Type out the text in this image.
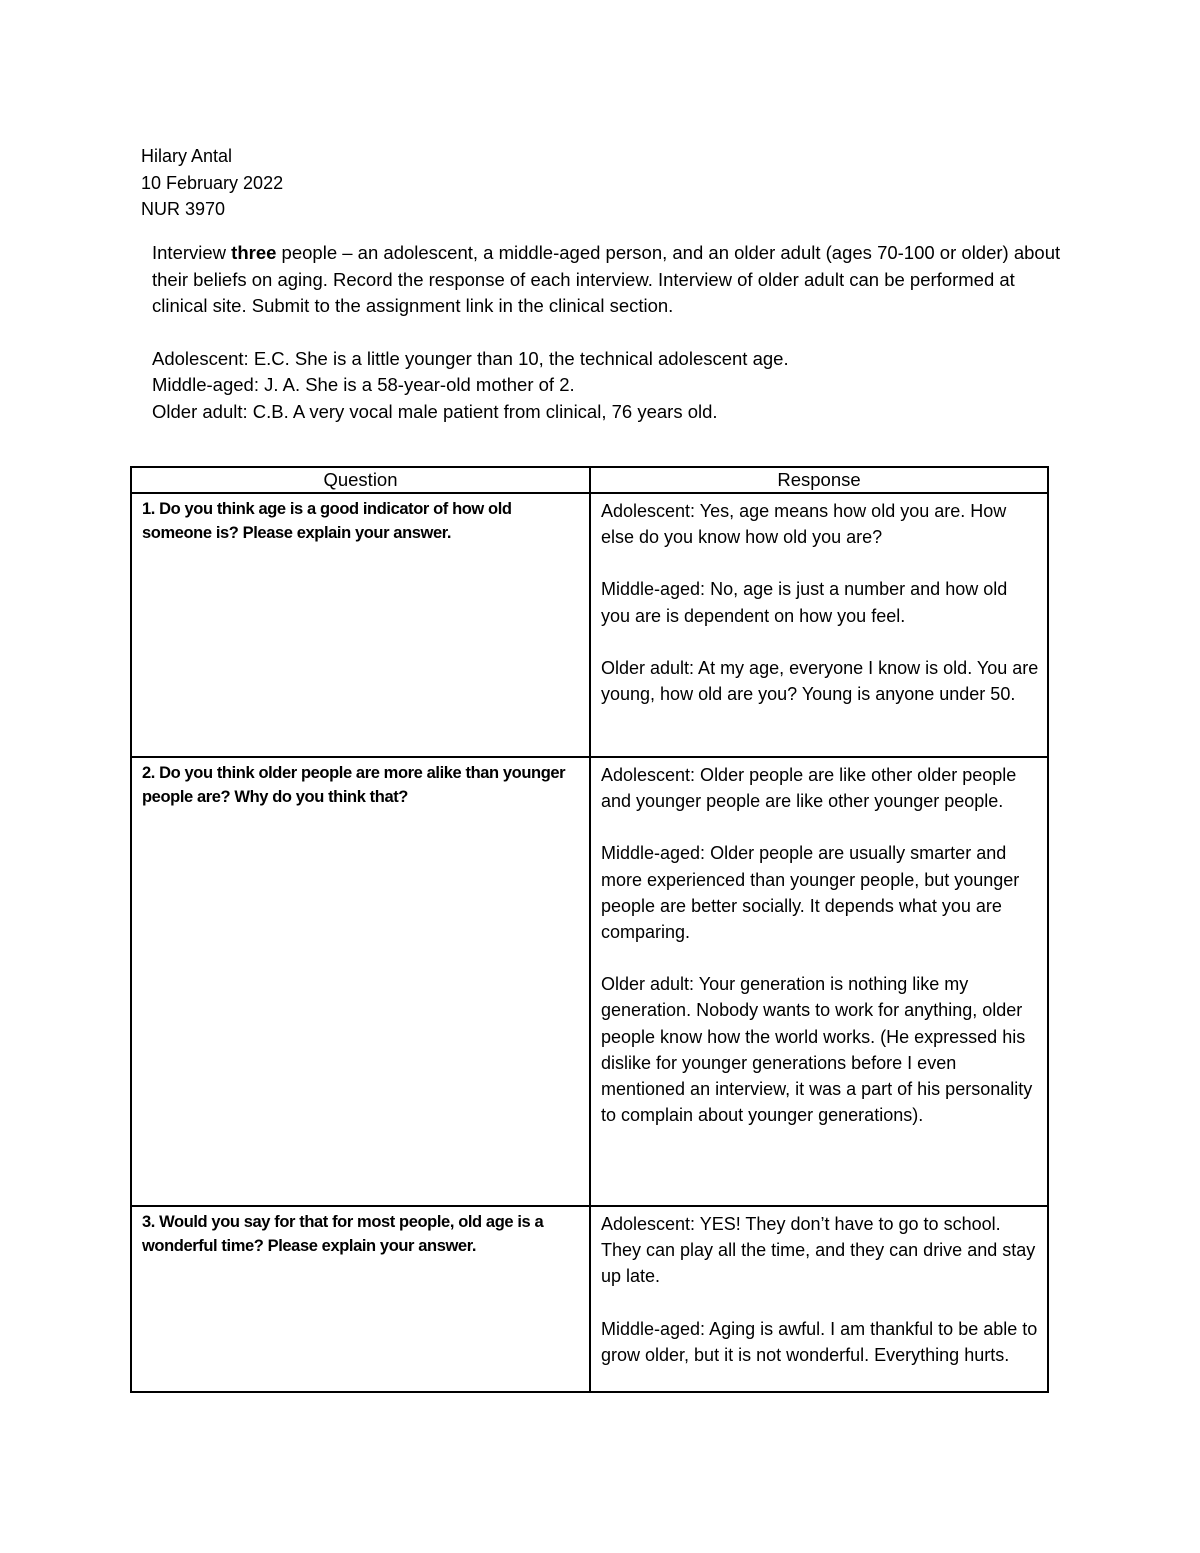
Hilary Antal
10 February 2022
NUR 3970

Interview three people – an adolescent, a middle-aged person, and an older adult (ages 70-100 or older) about their beliefs on aging. Record the response of each interview. Interview of older adult can be performed at clinical site. Submit to the assignment link in the clinical section.

Adolescent: E.C. She is a little younger than 10, the technical adolescent age.
Middle-aged: J. A. She is a 58-year-old mother of 2.
Older adult: C.B. A very vocal male patient from clinical, 76 years old.
Question	Response
1. Do you think age is a good indicator of how old someone is? Please explain your answer.	Adolescent: Yes, age means how old you are. How else do you know how old you are?

Middle-aged: No, age is just a number and how old you are is dependent on how you feel.

Older adult: At my age, everyone I know is old. You are young, how old are you? Young is anyone under 50.

2. Do you think older people are more alike than younger people are? Why do you think that?	Adolescent: Older people are like other older people and younger people are like other younger people.

Middle-aged: Older people are usually smarter and more experienced than younger people, but younger people are better socially. It depends what you are comparing.

Older adult: Your generation is nothing like my generation. Nobody wants to work for anything, older people know how the world works. (He expressed his dislike for younger generations before I even mentioned an interview, it was a part of his personality to complain about younger generations).

3. Would you say for that for most people, old age is a wonderful time? Please explain your answer.	Adolescent: YES! They don’t have to go to school. They can play all the time, and they can drive and stay up late.

Middle-aged: Aging is awful. I am thankful to be able to grow older, but it is not wonderful. Everything hurts.
